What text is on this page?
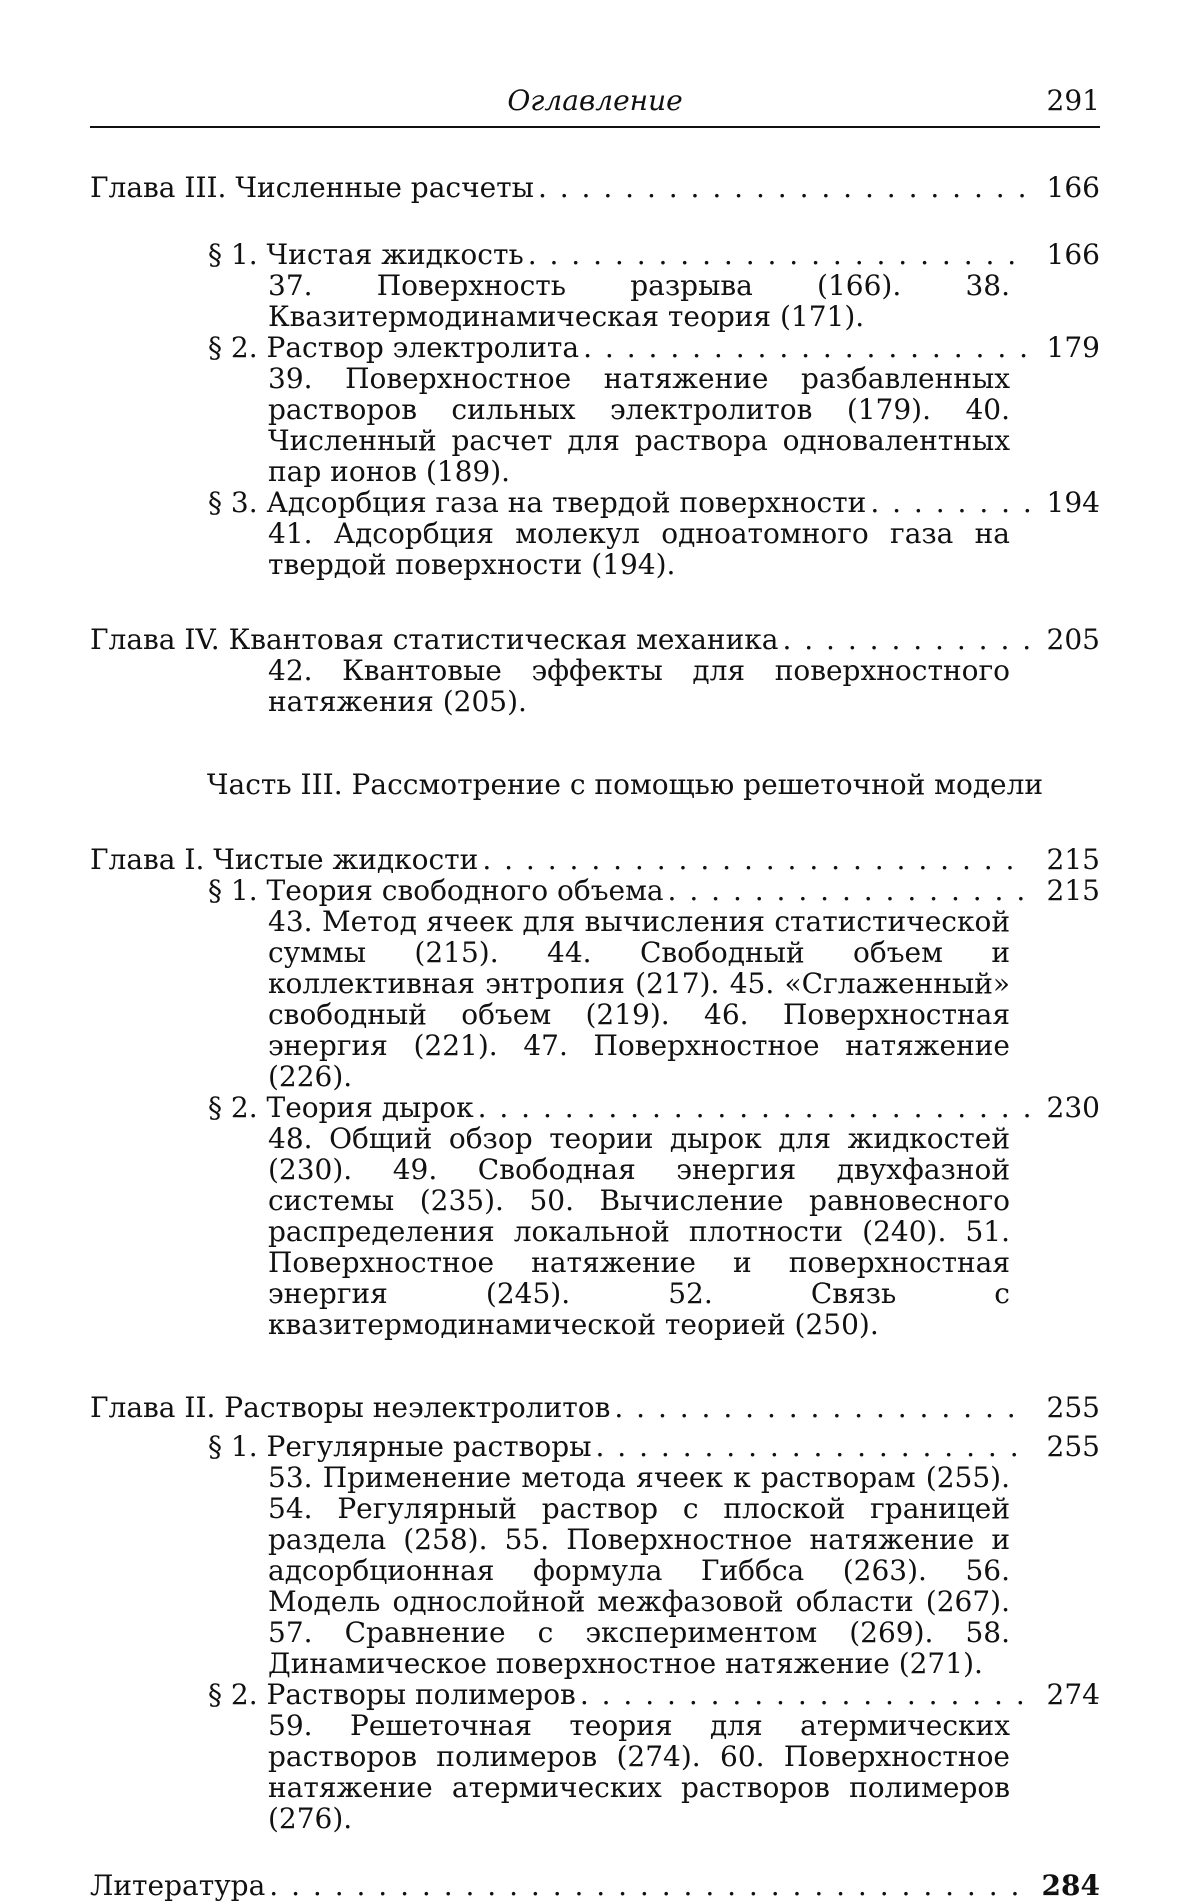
Оглавление	291
Глава III. Численные расчеты . . .	166
§ 1. Чистая жидкость . . .	166
37. Поверхность разрыва (166). 38. Квазитермодинамическая теория (171).
§ 2. Раствор электролита . . .	179
39. Поверхностное натяжение разбавленных растворов сильных электролитов (179). 40. Численный расчет для раствора одновалентных пар ионов (189).
§ 3. Адсорбция газа на твердой поверхности . . .	194
41. Адсорбция молекул одноатомного газа на твердой поверхности (194).
Глава IV. Квантовая статистическая механика . . .	205
42. Квантовые эффекты для поверхностного натяжения (205).
Часть III. Рассмотрение с помощью решеточной модели
Глава I. Чистые жидкости . . .	215
§ 1. Теория свободного объема . . .	215
43. Метод ячеек для вычисления статистической суммы (215). 44. Свободный объем и коллективная энтропия (217). 45. «Сглаженный» свободный объем (219). 46. Поверхностная энергия (221). 47. Поверхностное натяжение (226).
§ 2. Теория дырок . . .	230
48. Общий обзор теории дырок для жидкостей (230). 49. Свободная энергия двухфазной системы (235). 50. Вычисление равновесного распределения локальной плотности (240). 51. Поверхностное натяжение и поверхностная энергия (245). 52. Связь с квазитермодинамической теорией (250).
Глава II. Растворы неэлектролитов . . .	255
§ 1. Регулярные растворы . . .	255
53. Применение метода ячеек к растворам (255). 54. Регулярный раствор с плоской границей раздела (258). 55. Поверхностное натяжение и адсорбционная формула Гиббса (263). 56. Модель однослойной межфазовой области (267). 57. Сравнение с экспериментом (269). 58. Динамическое поверхностное натяжение (271).
§ 2. Растворы полимеров . . .	274
59. Решеточная теория для атермических растворов полимеров (274). 60. Поверхностное натяжение атермических растворов полимеров (276).
Литература . . .	284
